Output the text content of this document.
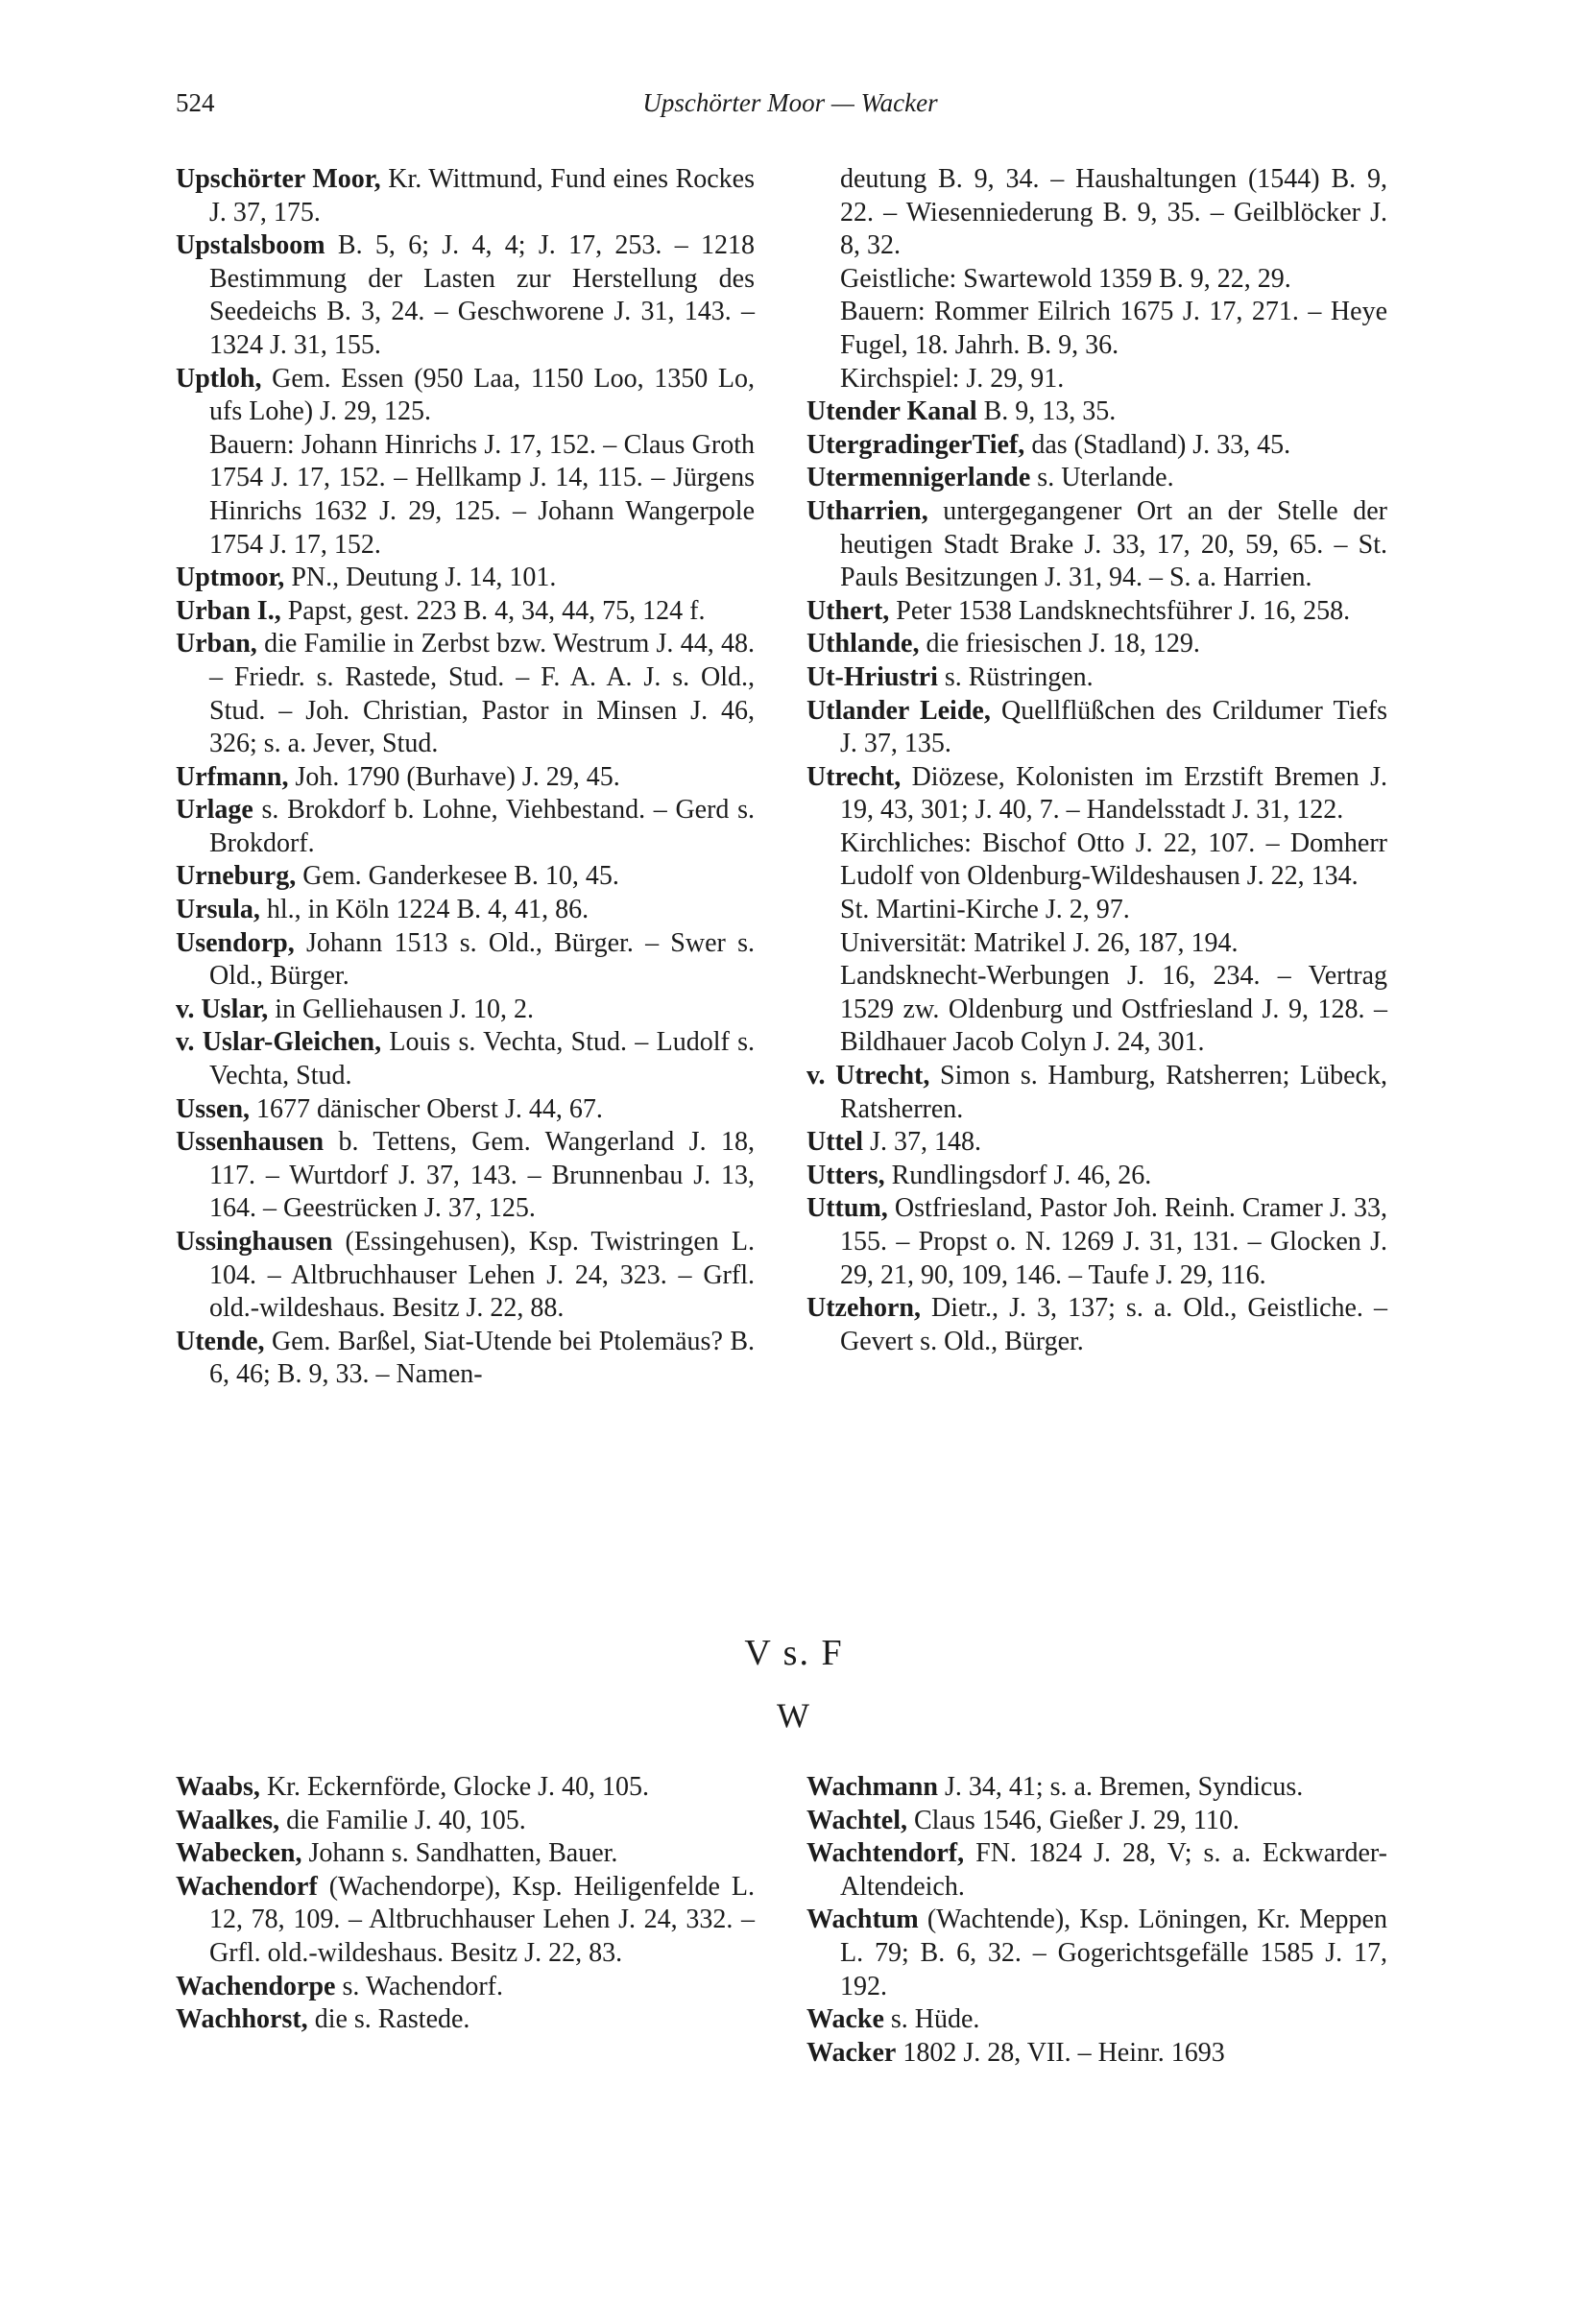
524	Upschörter Moor — Wacker

Upschörter Moor, Kr. Wittmund, Fund eines Rockes J. 37, 175.

Upstalsboom B. 5, 6; J. 4, 4; J. 17, 253. – 1218 Bestimmung der Lasten zur Herstellung des Seedeichs B. 3, 24. – Geschworene J. 31, 143. – 1324 J. 31, 155.

Uptloh, Gem. Essen (950 Laa, 1150 Loo, 1350 Lo, ufs Lohe) J. 29, 125.

Bauern: Johann Hinrichs J. 17, 152. – Claus Groth 1754 J. 17, 152. – Hellkamp J. 14, 115. – Jürgens Hinrichs 1632 J. 29, 125. – Johann Wangerpole 1754 J. 17, 152.

Uptmoor, PN., Deutung J. 14, 101.

Urban I., Papst, gest. 223 B. 4, 34, 44, 75, 124 f.

Urban, die Familie in Zerbst bzw. Westrum J. 44, 48. – Friedr. s. Rastede, Stud. – F. A. A. J. s. Old., Stud. – Joh. Christian, Pastor in Minsen J. 46, 326; s. a. Jever, Stud.

Urfmann, Joh. 1790 (Burhave) J. 29, 45.

Urlage s. Brokdorf b. Lohne, Viehbestand. – Gerd s. Brokdorf.

Urneburg, Gem. Ganderkesee B. 10, 45.

Ursula, hl., in Köln 1224 B. 4, 41, 86.

Usendorp, Johann 1513 s. Old., Bürger. – Swer s. Old., Bürger.

v. Uslar, in Gelliehausen J. 10, 2.

v. Uslar-Gleichen, Louis s. Vechta, Stud. – Ludolf s. Vechta, Stud.

Ussen, 1677 dänischer Oberst J. 44, 67.

Ussenhausen b. Tettens, Gem. Wangerland J. 18, 117. – Wurtdorf J. 37, 143. – Brunnenbau J. 13, 164. – Geestrücken J. 37, 125.

Ussinghausen (Essingehusen), Ksp. Twistringen L. 104. – Altbruchhauser Lehen J. 24, 323. – Grfl. old.-wildeshaus. Besitz J. 22, 88.

Utende, Gem. Barßel, Siat-Utende bei Ptolemäus? B. 6, 46; B. 9, 33. – Namen-

deutung B. 9, 34. – Haushaltungen (1544) B. 9, 22. – Wiesenniederung B. 9, 35. – Geilblöcker J. 8, 32.

Geistliche: Swartewold 1359 B. 9, 22, 29.

Bauern: Rommer Eilrich 1675 J. 17, 271. – Heye Fugel, 18. Jahrh. B. 9, 36.

Kirchspiel: J. 29, 91.

Utender Kanal B. 9, 13, 35.

UtergradingerTief, das (Stadland) J. 33, 45.

Utermennigerlande s. Uterlande.

Utharrien, untergegangener Ort an der Stelle der heutigen Stadt Brake J. 33, 17, 20, 59, 65. – St. Pauls Besitzungen J. 31, 94. – S. a. Harrien.

Uthert, Peter 1538 Landsknechtsführer J. 16, 258.

Uthlande, die friesischen J. 18, 129.

Ut-Hriustri s. Rüstringen.

Utlander Leide, Quellflüßchen des Crildumer Tiefs J. 37, 135.

Utrecht, Diözese, Kolonisten im Erzstift Bremen J. 19, 43, 301; J. 40, 7. – Handelsstadt J. 31, 122.

Kirchliches: Bischof Otto J. 22, 107. – Domherr Ludolf von Oldenburg-Wildeshausen J. 22, 134.

St. Martini-Kirche J. 2, 97.

Universität: Matrikel J. 26, 187, 194.

Landsknecht-Werbungen J. 16, 234. – Vertrag 1529 zw. Oldenburg und Ostfriesland J. 9, 128. – Bildhauer Jacob Colyn J. 24, 301.

v. Utrecht, Simon s. Hamburg, Ratsherren; Lübeck, Ratsherren.

Uttel J. 37, 148.

Utters, Rundlingsdorf J. 46, 26.

Uttum, Ostfriesland, Pastor Joh. Reinh. Cramer J. 33, 155. – Propst o. N. 1269 J. 31, 131. – Glocken J. 29, 21, 90, 109, 146. – Taufe J. 29, 116.

Utzehorn, Dietr., J. 3, 137; s. a. Old., Geistliche. – Gevert s. Old., Bürger.

V s. F
W

Waabs, Kr. Eckernförde, Glocke J. 40, 105.

Waalkes, die Familie J. 40, 105.

Wabecken, Johann s. Sandhatten, Bauer.

Wachendorf (Wachendorpe), Ksp. Heiligenfelde L. 12, 78, 109. – Altbruchhauser Lehen J. 24, 332. – Grfl. old.-wildeshaus. Besitz J. 22, 83.

Wachendorpe s. Wachendorf.

Wachhorst, die s. Rastede.

Wachmann J. 34, 41; s. a. Bremen, Syndicus.

Wachtel, Claus 1546, Gießer J. 29, 110.

Wachtendorf, FN. 1824 J. 28, V; s. a. Eckwarder-Altendeich.

Wachtum (Wachtende), Ksp. Löningen, Kr. Meppen L. 79; B. 6, 32. – Gogerichtsgefälle 1585 J. 17, 192.

Wacke s. Hüde.

Wacker 1802 J. 28, VII. – Heinr. 1693
